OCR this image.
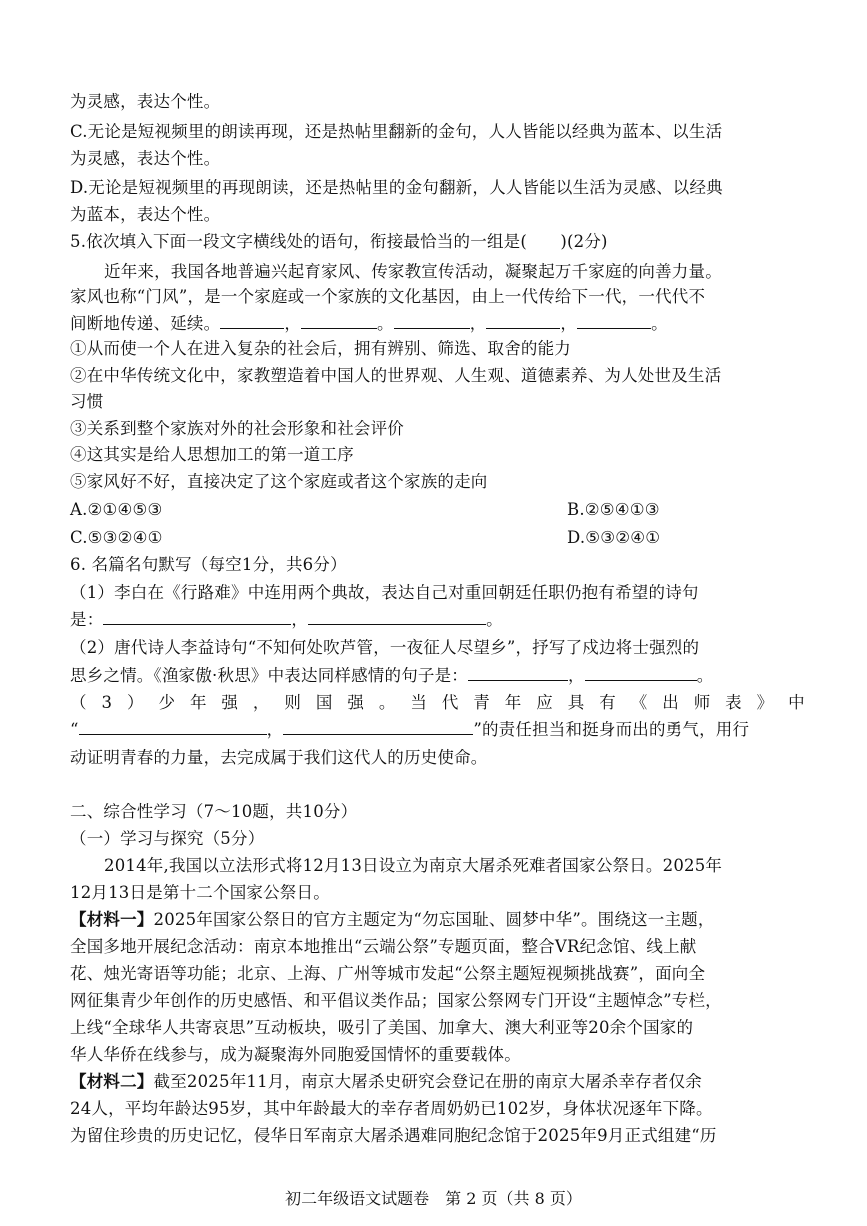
为灵感，表达个性。
C.无论是短视频里的朗读再现，还是热帖里翻新的金句，人人皆能以经典为蓝本、以生活
为灵感，表达个性。
D.无论是短视频里的再现朗读，还是热帖里的金句翻新，人人皆能以生活为灵感、以经典
为蓝本，表达个性。
5.依次填入下面一段文字横线处的语句，衔接最恰当的一组是(　　)(2分)
近年来，我国各地普遍兴起育家风、传家教宣传活动，凝聚起万千家庭的向善力量。
家风也称“门风”，是一个家庭或一个家族的文化基因，由上一代传给下一代，一代代不
间断地传递、延续。	，	。	，	，	。
①从而使一个人在进入复杂的社会后，拥有辨别、筛选、取舍的能力
②在中华传统文化中，家教塑造着中国人的世界观、人生观、道德素养、为人处世及生活
习惯
③关系到整个家族对外的社会形象和社会评价
④这其实是给人思想加工的第一道工序
⑤家风好不好，直接决定了这个家庭或者这个家族的走向
A.②①④⑤③	B.②⑤④①③
C.⑤③②④①	D.⑤③②④①
6. 名篇名句默写（每空1分，共6分）
（1）李白在《行路难》中连用两个典故，表达自己对重回朝廷任职仍抱有希望的诗句
是：	，	。
（2）唐代诗人李益诗句“不知何处吹芦管，一夜征人尽望乡”，抒写了戍边将士强烈的
思乡之情。《渔家傲·秋思》中表达同样感情的句子是：	，	。
（ 3 ） 少 年 强 ， 则 国 强 。 当 代 青 年 应 具 有 《 出 师 表 》 中
“	，	”的责任担当和挺身而出的勇气，用行
动证明青春的力量，去完成属于我们这代人的历史使命。
二、综合性学习（7～10题，共10分）
（一）学习与探究（5分）
2014年,我国以立法形式将12月13日设立为南京大屠杀死难者国家公祭日。2025年
12月13日是第十二个国家公祭日。
【材料一】2025年国家公祭日的官方主题定为“勿忘国耻、圆梦中华”。围绕这一主题，
全国多地开展纪念活动：南京本地推出“云端公祭”专题页面，整合VR纪念馆、线上献
花、烛光寄语等功能；北京、上海、广州等城市发起“公祭主题短视频挑战赛”，面向全
网征集青少年创作的历史感悟、和平倡议类作品；国家公祭网专门开设“主题悼念”专栏，
上线“全球华人共寄哀思”互动板块，吸引了美国、加拿大、澳大利亚等20余个国家的
华人华侨在线参与，成为凝聚海外同胞爱国情怀的重要载体。
【材料二】截至2025年11月，南京大屠杀史研究会登记在册的南京大屠杀幸存者仅余
24人，平均年龄达95岁，其中年龄最大的幸存者周奶奶已102岁，身体状况逐年下降。
为留住珍贵的历史记忆，侵华日军南京大屠杀遇难同胞纪念馆于2025年9月正式组建“历
初二年级语文试题卷　第 2 页（共 8 页）
